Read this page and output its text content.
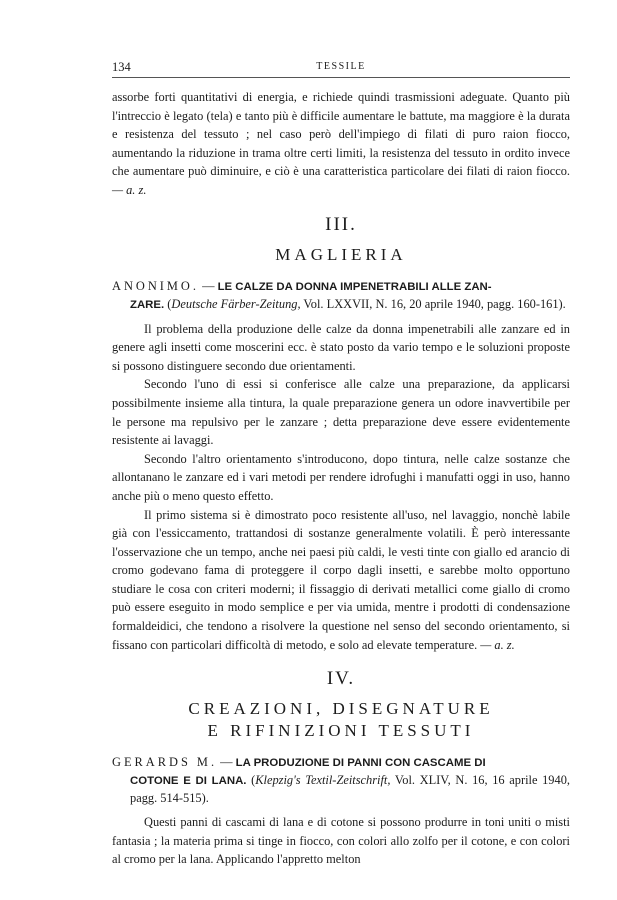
134	TESSILE

assorbe forti quantitativi di energia, e richiede quindi trasmissioni adeguate. Quanto più l'intreccio è legato (tela) e tanto più è difficile aumentare le battute, ma maggiore è la durata e resistenza del tessuto ; nel caso però dell'impiego di filati di puro raion fiocco, aumentando la riduzione in trama oltre certi limiti, la resistenza del tessuto in ordito invece che aumentare può diminuire, e ciò è una caratteristica particolare dei filati di raion fiocco. — a. z.

III.
MAGLIERIA
ANONIMO. — LE CALZE DA DONNA IMPENETRABILI ALLE ZAN-
ZARE. (Deutsche Färber-Zeitung, Vol. LXXVII, N. 16, 20 aprile 1940, pagg. 160-161).

Il problema della produzione delle calze da donna impenetrabili alle zanzare ed in genere agli insetti come moscerini ecc. è stato posto da vario tempo e le soluzioni proposte si possono distinguere secondo due orientamenti.

Secondo l'uno di essi si conferisce alle calze una preparazione, da applicarsi possibilmente insieme alla tintura, la quale preparazione genera un odore inavvertibile per le persone ma repulsivo per le zanzare ; detta preparazione deve essere evidentemente resistente ai lavaggi.

Secondo l'altro orientamento s'introducono, dopo tintura, nelle calze sostanze che allontanano le zanzare ed i vari metodi per rendere idrofughi i manufatti oggi in uso, hanno anche più o meno questo effetto.

Il primo sistema si è dimostrato poco resistente all'uso, nel lavaggio, nonchè labile già con l'essiccamento, trattandosi di sostanze generalmente volatili. È però interessante l'osservazione che un tempo, anche nei paesi più caldi, le vesti tinte con giallo ed arancio di cromo godevano fama di proteggere il corpo dagli insetti, e sarebbe molto opportuno studiare le cosa con criteri moderni; il fissaggio di derivati metallici come giallo di cromo può essere eseguito in modo semplice e per via umida, mentre i prodotti di condensazione formaldeidici, che tendono a risolvere la questione nel senso del secondo orientamento, si fissano con particolari difficoltà di metodo, e solo ad elevate temperature. — a. z.

IV.
CREAZIONI, DISEGNATURE
E RIFINIZIONI TESSUTI
GERARDS M. — LA PRODUZIONE DI PANNI CON CASCAME DI
COTONE E DI LANA. (Klepzig's Textil-Zeitschrift, Vol. XLIV, N. 16, 16 aprile 1940, pagg. 514-515).

Questi panni di cascami di lana e di cotone si possono produrre in toni uniti o misti fantasia ; la materia prima si tinge in fiocco, con colori allo zolfo per il cotone, e con colori al cromo per la lana. Applicando l'appretto melton
